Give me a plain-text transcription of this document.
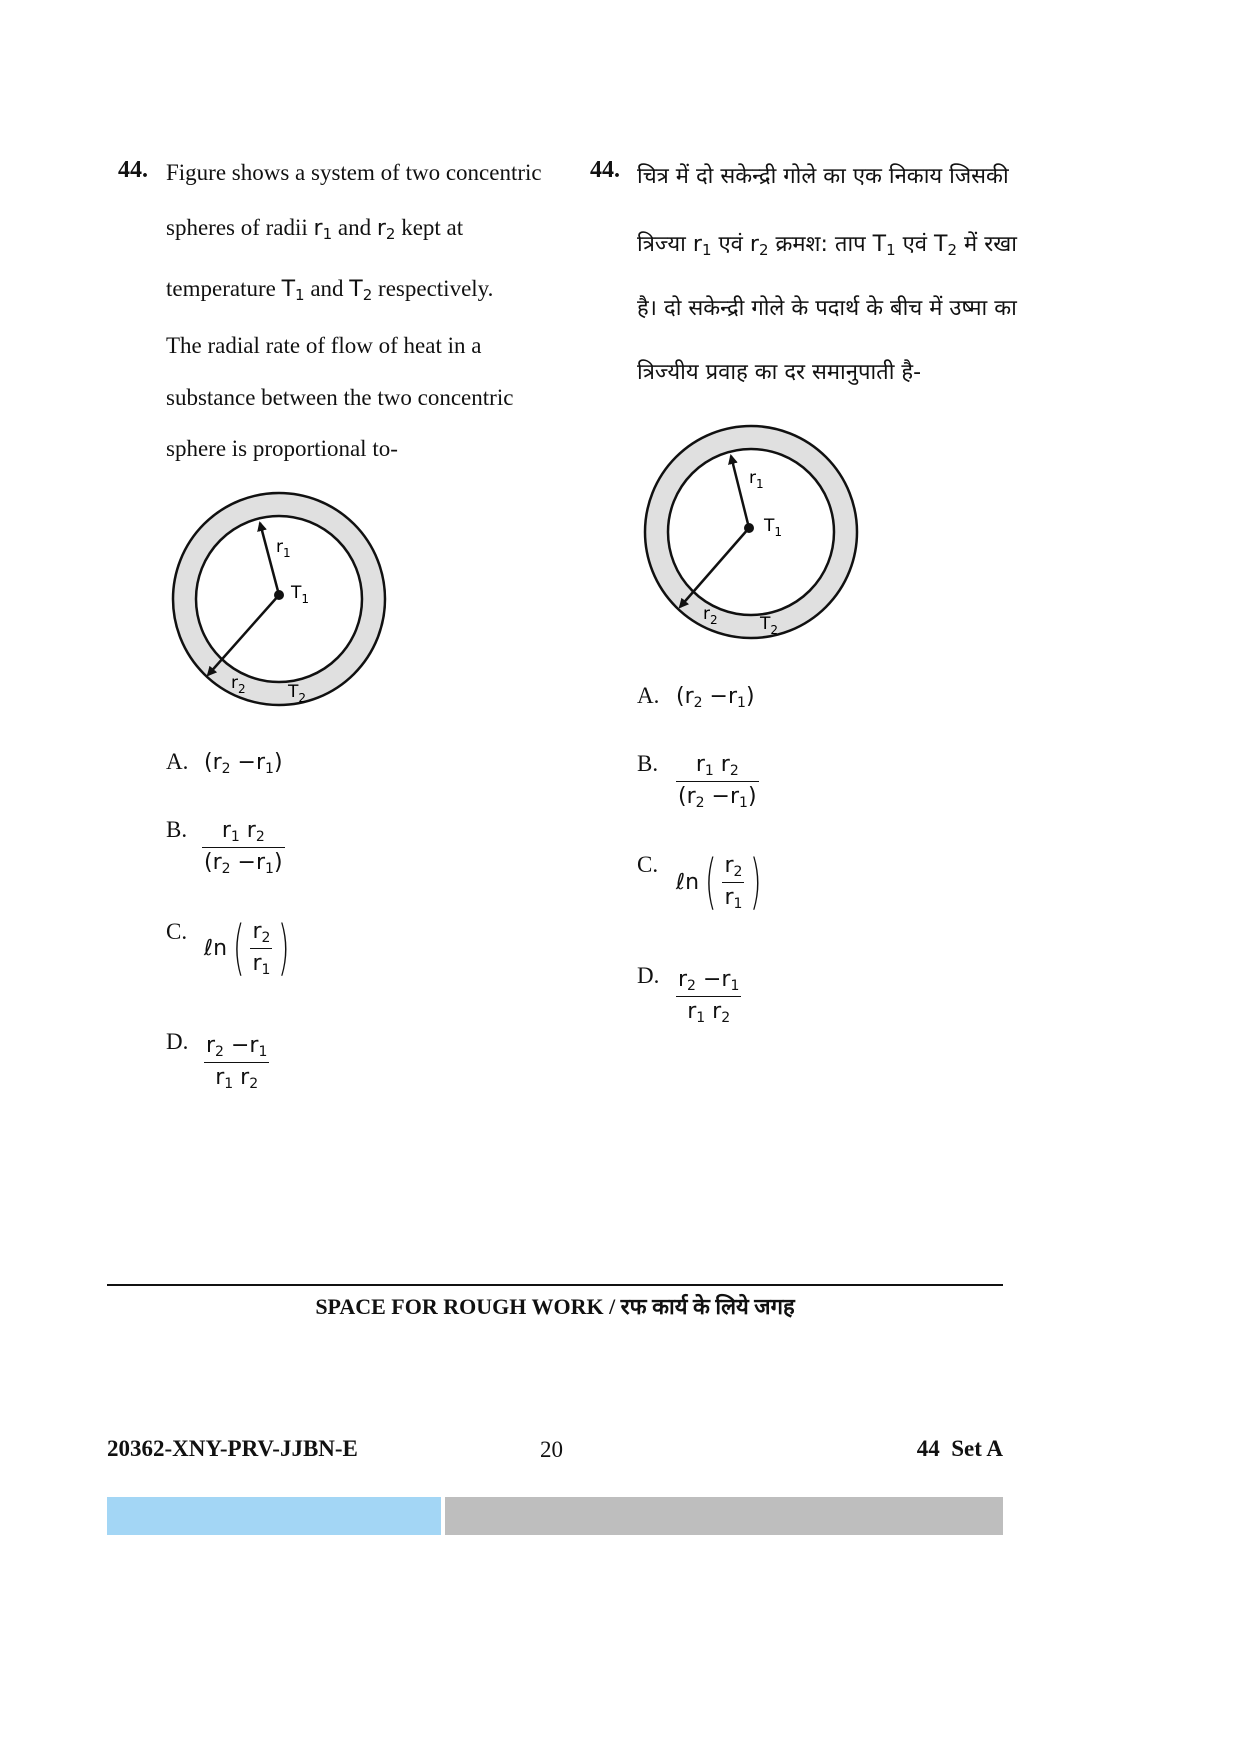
44. Figure shows a system of two concentric
spheres of radii $r_1$ and $r_2$ kept at
temperature $T_1$ and $T_2$ respectively.
The radial rate of flow of heat in a
substance between the two concentric
sphere is proportional to-
$r_1$
$T_1$
$r_2$ $T_2$
A. $(r_2 -r_1)$
B. $\frac{r_1 r_2}{(r_2 -r_1)}$
C.
ℓn ( $\frac{r_2}{r_1}$ )
D. $\frac{r_2 -r_1}{r_1 r_2}$
44. चित्र में दो सकेन्द्री गोले का एक निकाय जिसकी
त्रिज्या $r_1$ एवं $r_2$ क्रमश: ताप $T_1$ एवं $T_2$ में रखा
है। दो सकेन्द्री गोले के पदार्थ के बीच में उष्मा का
त्रिज्यीय प्रवाह का दर समानुपाती है-
$r_1$
$T_1$
$r_2$ $T_2$
A. $(r_2 -r_1)$
B. $\frac{r_1 r_2}{(r_2 -r_1)}$
C.
ℓn ( $\frac{r_2}{r_1}$ )
D. $\frac{r_2 -r_1}{r_1 r_2}$
SPACE FOR ROUGH WORK / रफ कार्य के लिये जगह
20362-XNY-PRV-JJBN-E	20	44  Set A
